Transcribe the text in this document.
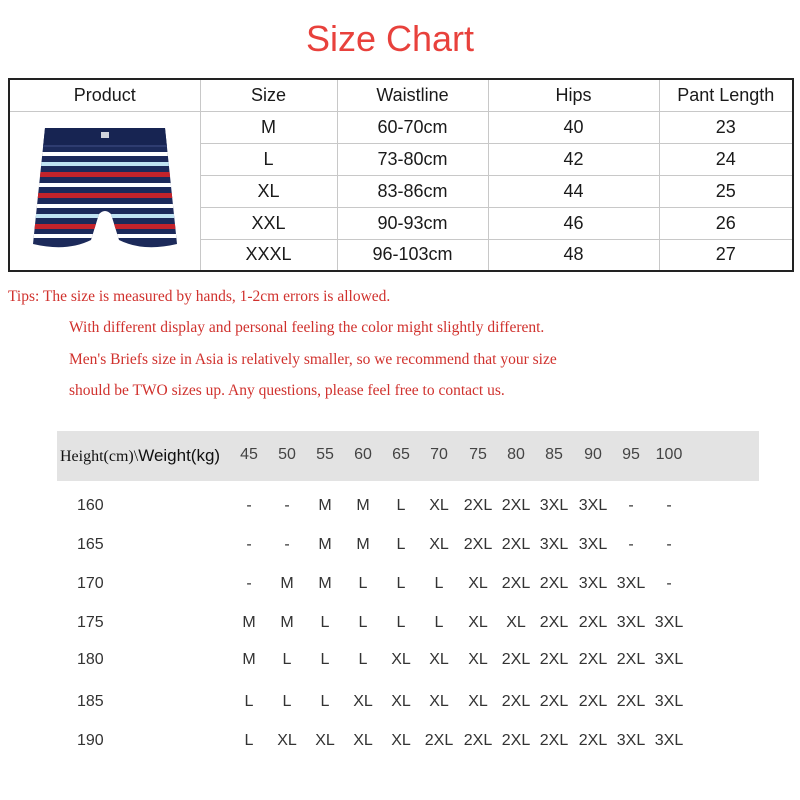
Size Chart
Product	Size	Waistline	Hips	Pant Length
	M	60-70cm	40	23
	L	73-80cm	42	24
	XL	83-86cm	44	25
	XXL	90-93cm	46	26
	XXXL	96-103cm	48	27
Tips: The size is measured by hands, 1-2cm errors is allowed.
With different display and personal feeling the color might slightly different.
Men's Briefs size in Asia is relatively smaller, so we recommend that your size
should be TWO sizes up. Any questions, please feel free to contact us.
Height(cm)\Weight(kg) 45 50 55 60 65 70 75 80 85 90 95 100
160	- - M M L XL 2XL 2XL 3XL 3XL - -
165	- - M M L XL 2XL 2XL 3XL 3XL - -
170	- M M L L L XL 2XL 2XL 3XL 3XL -
175	M M L L L L XL XL 2XL 2XL 3XL 3XL
180	M L L L XL XL XL 2XL 2XL 2XL 2XL 3XL
185	L L L XL XL XL XL 2XL 2XL 2XL 2XL 3XL
190	L XL XL XL XL 2XL 2XL 2XL 2XL 2XL 3XL 3XL
